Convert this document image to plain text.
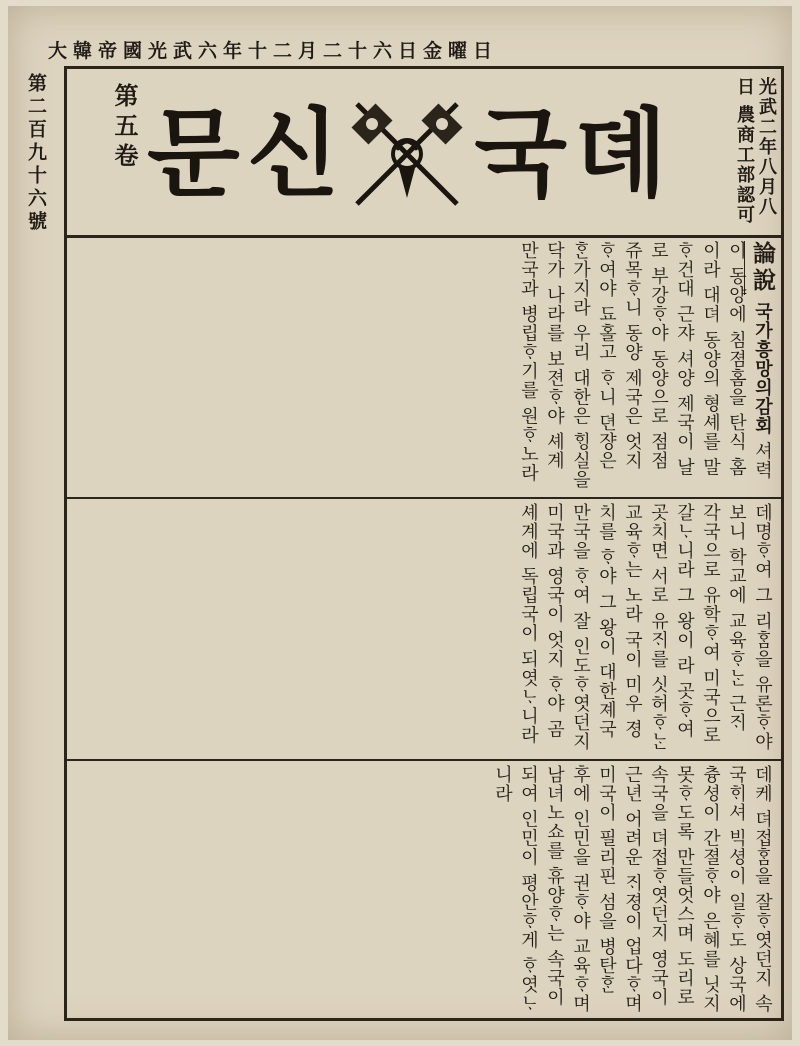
大韓帝國光武六年十二月二十六日金曜日
第二百九十六號	第五卷	뎨
국
신
문	光武二年八月八日 農商工部認可
論說 국가흥망의감회 셔력이 동양에 침졈홈을 탄식 홈이라 대뎌 동양의 형셰를 말ᄒᆞ건대 근쟈 셔양 제국이 날로 부강ᄒᆞ야 동양으로 점점 쥬목ᄒᆞ니 동양 제국은 엇지 ᄒᆞ여야 됴홀고 ᄒᆞ니 뎐쟝은 ᄒᆞᆫ가지라 우리 대한은 ᄒᆡᆼ실을 닥가 나라를 보젼ᄒᆞ야 셰계 만국과 병립ᄒᆞ기를 원ᄒᆞ노라
데명ᄒᆞ여 그 리ᄒᆞᆷ을 유론ᄒᆞ야 보니 학교에 교육ᄒᆞᄂᆞᆫ 근ᄌᆡ 각국으로 유학ᄒᆞ여 미국으로 갈ᄂᆞ니라 그 왕이 라 곳ᄒᆞ여 곳치면 서로 유ᄌᆡ를 싯허ᄒᆞᄂᆞᆫ 교육ᄒᆞ는 노라 국이 미우 졍치를 ᄒᆞ야 그 왕이 대한졔국 만국을 ᄒᆞ여 잘 인도ᄒᆞ엿던지 미국과 영국이 엇지 ᄒᆞ야 곰 셰계에 독립국이 되엿ᄂᆞ니라
데케 뎌접ᄒᆞᆷ을 잘ᄒᆞ엿던지 속국ᄒᆡ셔 빅셩이 일ᄒᆞ도 상국에 츙셩이 간졀ᄒᆞ야 은혜를 닛지 못ᄒᆞ도록 만들엇스며 도리로 속국을 뎌접ᄒᆞ엿던지 영국이 근년 어려운 ᄌᆡ졍이 업다ᄒᆞ며 미국이 필리핀 섬을 병탄ᄒᆞᆫ 후에 인민을 권ᄒᆞ야 교육ᄒᆞ며 남녀노쇼를 휴양ᄒᆞ는 속국이 되여 인민이 평안ᄒᆞ게 ᄒᆞ엿ᄂᆞ니라
